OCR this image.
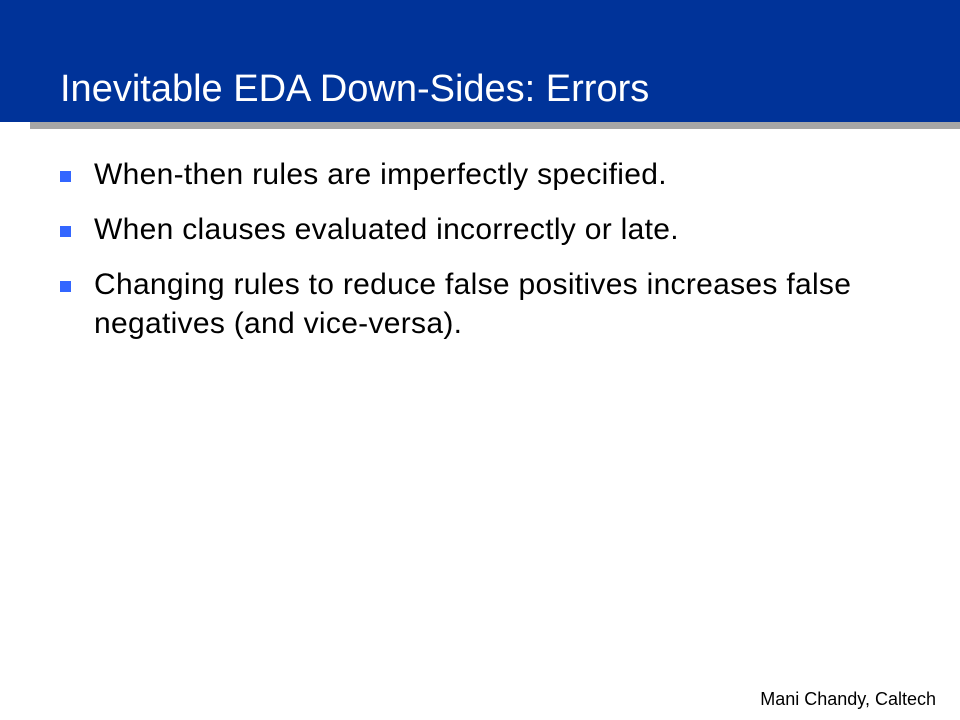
Inevitable EDA Down-Sides: Errors
When-then rules are imperfectly specified.
When clauses evaluated incorrectly or late.
Changing rules to reduce false positives increases false negatives (and vice-versa).
Mani Chandy, Caltech
